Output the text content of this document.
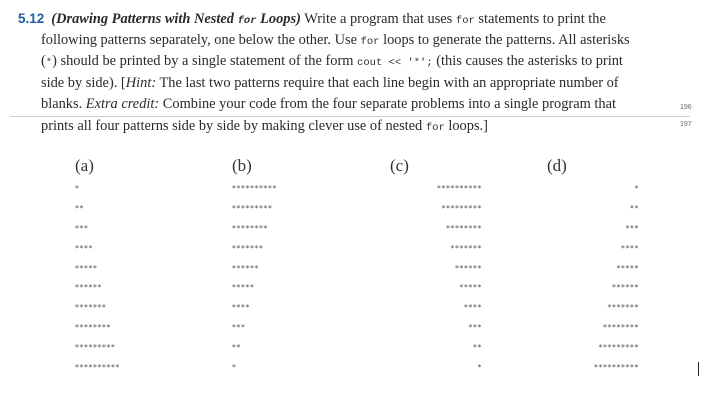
5.12 (Drawing Patterns with Nested for Loops) Write a program that uses for statements to print the
following patterns separately, one below the other. Use for loops to generate the patterns. All asterisks
(*) should be printed by a single statement of the form cout << '*'; (this causes the asterisks to print
side by side). [Hint: The last two patterns require that each line begin with an appropriate number of
blanks. Extra credit: Combine your code from the four separate problems into a single program that
prints all four patterns side by side by making clever use of nested for loops.]
196
197
(a)
*
**
***
****
*****
******
*******
********
*********
**********
(b)
**********
*********
********
*******
******
*****
****
***
**
*
(c)
**********
*********
********
*******
******
*****
****
***
**
*
(d)
*
**
***
****
*****
******
*******
********
*********
**********
